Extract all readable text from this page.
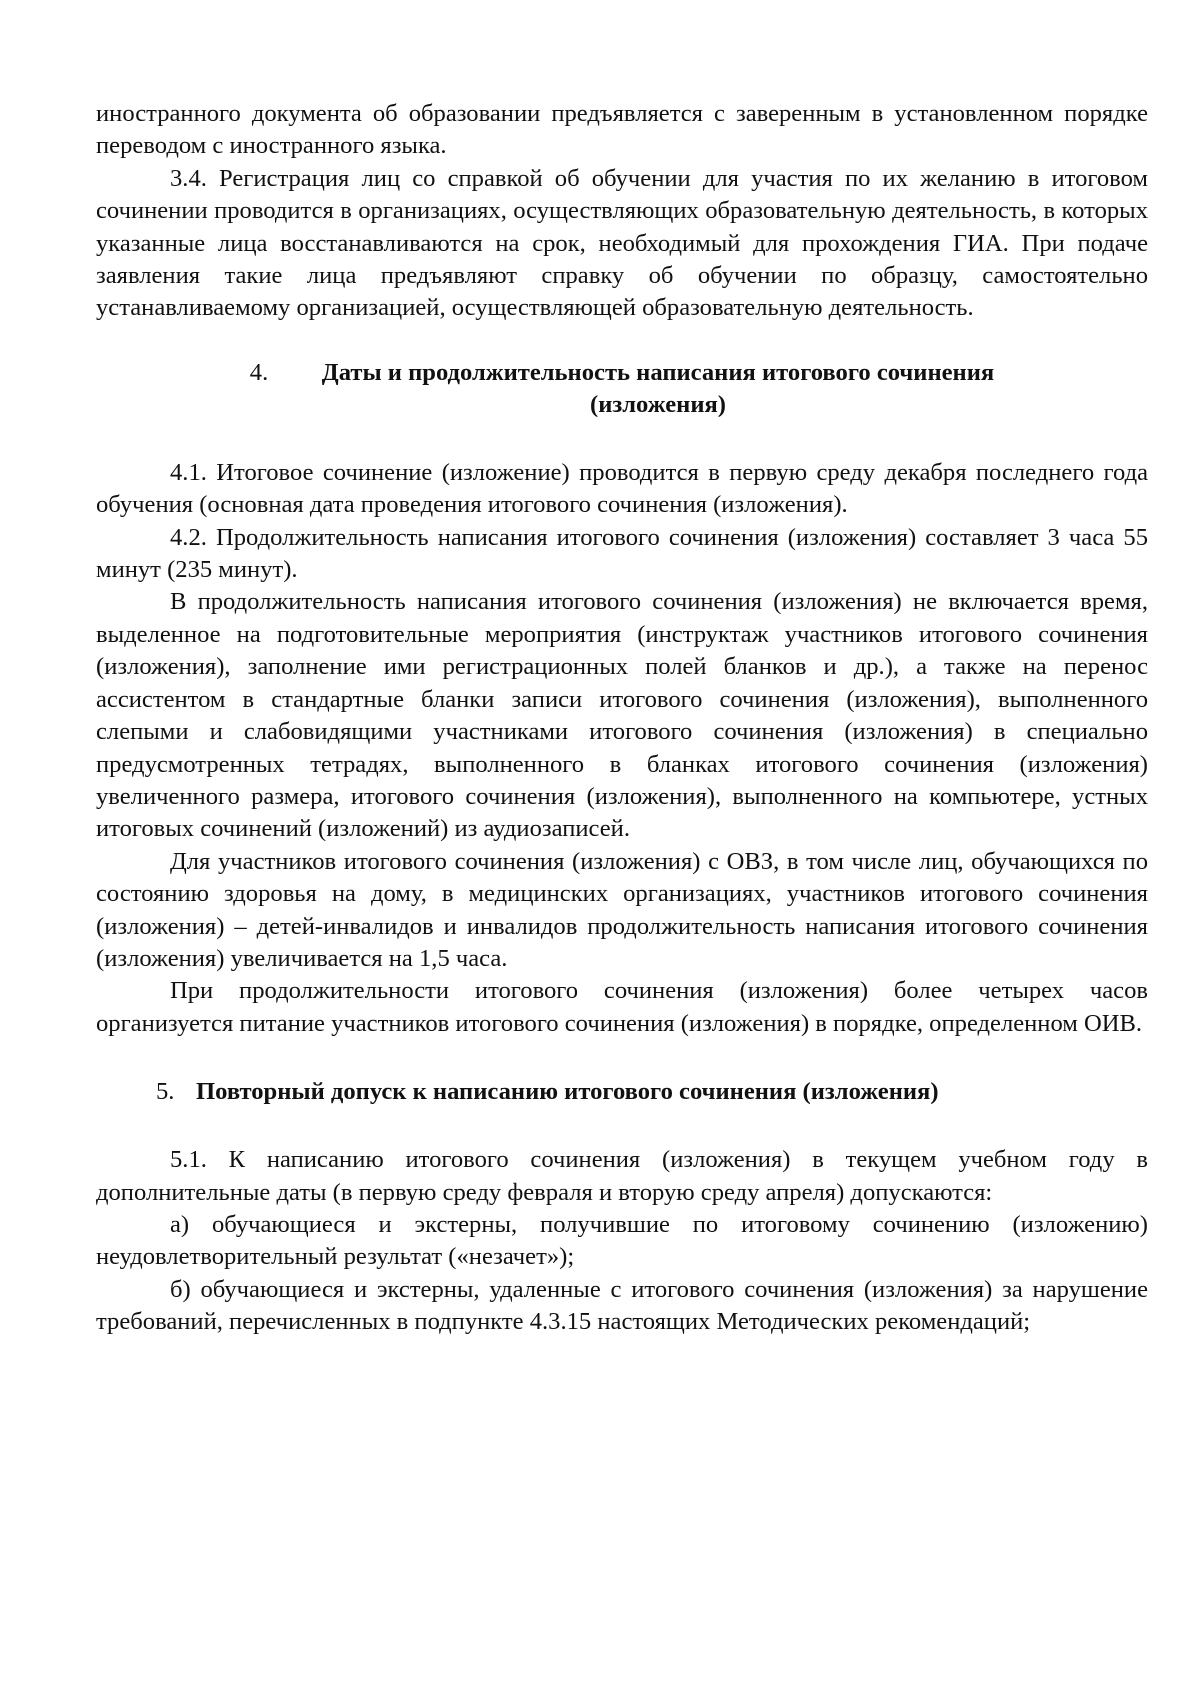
иностранного документа об образовании предъявляется с заверенным в установленном порядке переводом с иностранного языка.

3.4. Регистрация лиц со справкой об обучении для участия по их желанию в итоговом сочинении проводится в организациях, осуществляющих образовательную деятельность, в которых указанные лица восстанавливаются на срок, необходимый для прохождения ГИА. При подаче заявления такие лица предъявляют справку об обучении по образцу, самостоятельно устанавливаемому организацией, осуществляющей образовательную деятельность.

4. Даты и продолжительность написания итогового сочинения
(изложения)

4.1. Итоговое сочинение (изложение) проводится в первую среду декабря последнего года обучения (основная дата проведения итогового сочинения (изложения).

4.2. Продолжительность написания итогового сочинения (изложения) составляет 3 часа 55 минут (235 минут).

В продолжительность написания итогового сочинения (изложения) не включается время, выделенное на подготовительные мероприятия (инструктаж участников итогового сочинения (изложения), заполнение ими регистрационных полей бланков и др.), а также на перенос ассистентом в стандартные бланки записи итогового сочинения (изложения), выполненного слепыми и слабовидящими участниками итогового сочинения (изложения) в специально предусмотренных тетрадях, выполненного в бланках итогового сочинения (изложения) увеличенного размера, итогового сочинения (изложения), выполненного на компьютере, устных итоговых сочинений (изложений) из аудиозаписей.

Для участников итогового сочинения (изложения) с ОВЗ, в том числе лиц, обучающихся по состоянию здоровья на дому, в медицинских организациях, участников итогового сочинения (изложения) – детей-инвалидов и инвалидов продолжительность написания итогового сочинения (изложения) увеличивается на 1,5 часа.

При продолжительности итогового сочинения (изложения) более четырех часов организуется питание участников итогового сочинения (изложения) в порядке, определенном ОИВ.

5. Повторный допуск к написанию итогового сочинения (изложения)

5.1. К написанию итогового сочинения (изложения) в текущем учебном году в дополнительные даты (в первую среду февраля и вторую среду апреля) допускаются:

а) обучающиеся и экстерны, получившие по итоговому сочинению (изложению) неудовлетворительный результат («незачет»);

б) обучающиеся и экстерны, удаленные с итогового сочинения (изложения) за нарушение требований, перечисленных в подпункте 4.3.15 настоящих Методических рекомендаций;
